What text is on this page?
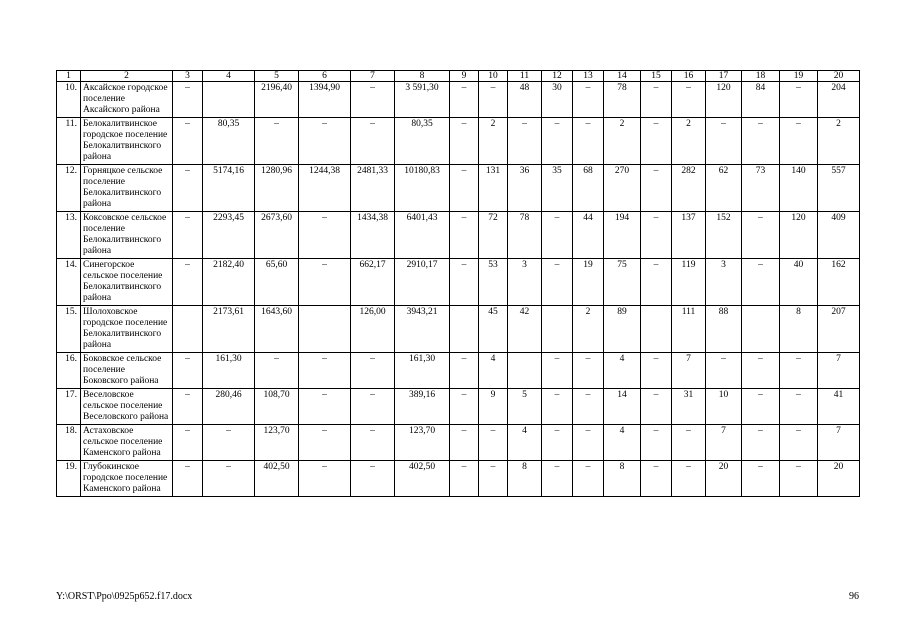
1	2	3	4	5	6	7	8	9	10	11	12	13	14	15	16	17	18	19	20
10.	Аксайское городское поселение Аксайского района	–		2196,40	1394,90	–	3 591,30	–	–	48	30	–	78	–	–	120	84	–	204
11.	Белокалитвинское городское поселение Белокалитвинского района	–	80,35	–	–	–	80,35	–	2	–	–	–	2	–	2	–	–	–	2
12.	Горняцкое сельское поселение Белокалитвинского района	–	5174,16	1280,96	1244,38	2481,33	10180,83	–	131	36	35	68	270	–	282	62	73	140	557
13.	Коксовское сельское поселение Белокалитвинского района	–	2293,45	2673,60	–	1434,38	6401,43	–	72	78	–	44	194	–	137	152	–	120	409
14.	Синегорское сельское поселение Белокалитвинского района	–	2182,40	65,60	–	662,17	2910,17	–	53	3	–	19	75	–	119	3	–	40	162
15.	Шолоховское городское поселение Белокалитвинского района		2173,61	1643,60		126,00	3943,21		45	42		2	89		111	88		8	207
16.	Боковское сельское поселение Боковского района	–	161,30	–	–	–	161,30	–	4		–	–	4	–	7	–	–	–	7
17.	Веселовское сельское поселение Веселовского района	–	280,46	108,70	–	–	389,16	–	9	5	–	–	14	–	31	10	–	–	41
18.	Астаховское сельское поселение Каменского района	–	–	123,70	–	–	123,70	–	–	4	–	–	4	–	–	7	–	–	7
19.	Глубокинское городское поселение Каменского района	–	–	402,50	–	–	402,50	–	–	8	–	–	8	–	–	20	–	–	20
Y:\ORST\Ppo\0925p652.f17.docx	96
